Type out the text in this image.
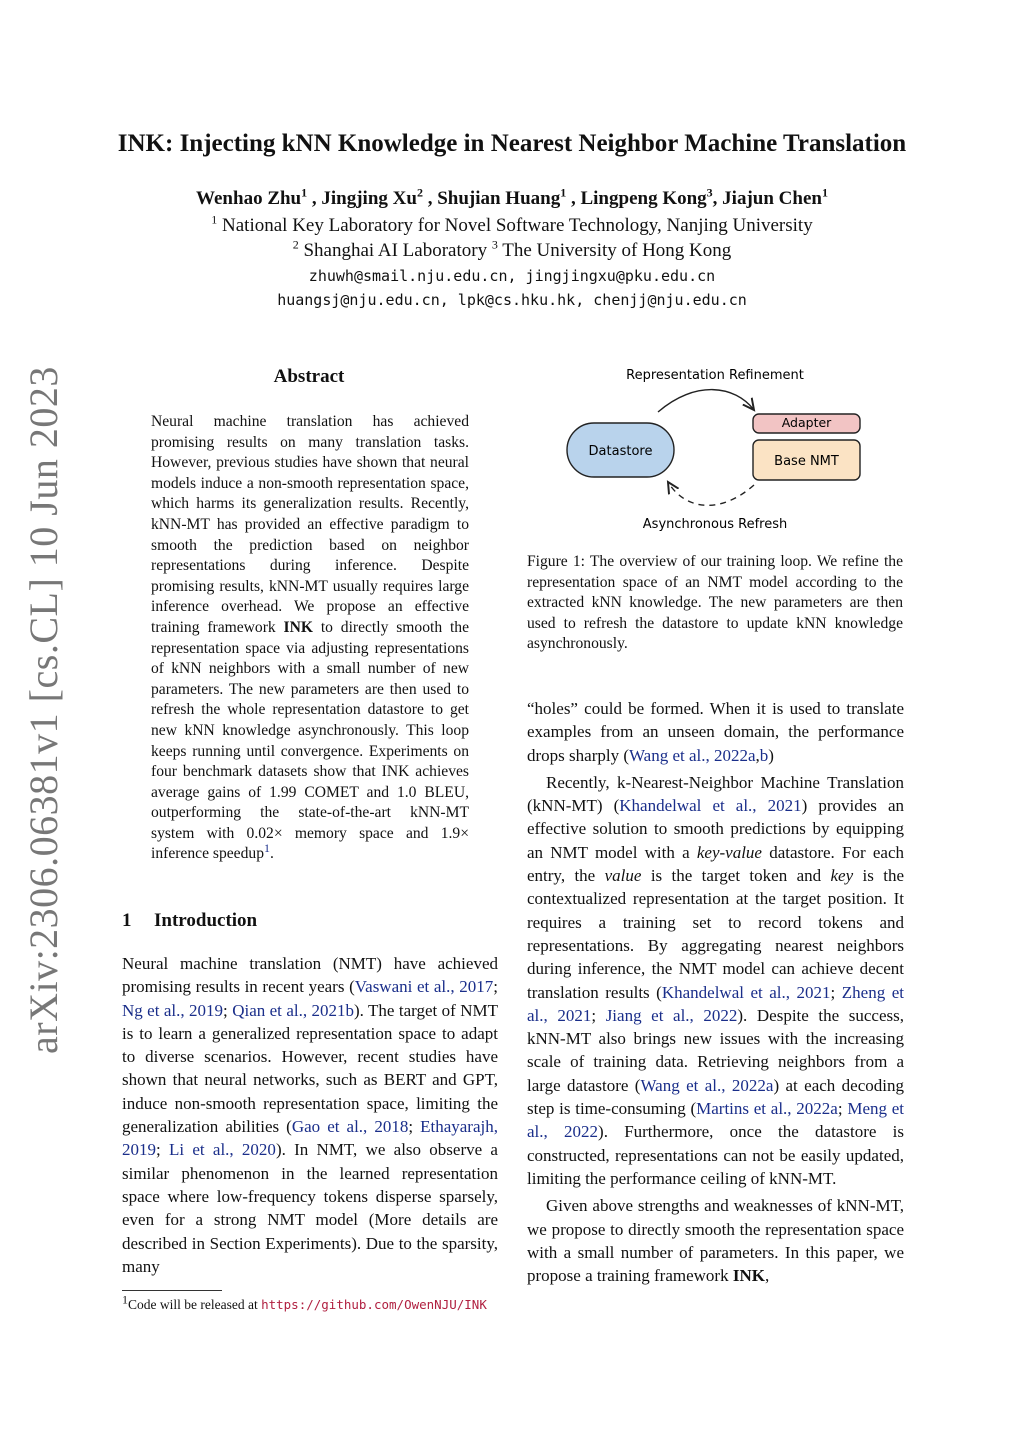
arXiv:2306.06381v1 [cs.CL] 10 Jun 2023
INK: Injecting kNN Knowledge in Nearest Neighbor Machine Translation
Wenhao Zhu$^1$ , Jingjing Xu$^2$ , Shujian Huang$^1$ , Lingpeng Kong$^3$, Jiajun Chen$^1$
$^1$ National Key Laboratory for Novel Software Technology, Nanjing University
$^2$ Shanghai AI Laboratory $^3$ The University of Hong Kong
zhuwh@smail.nju.edu.cn, jingjingxu@pku.edu.cn
huangsj@nju.edu.cn, lpk@cs.hku.hk, chenjj@nju.edu.cn
Abstract
Neural machine translation has achieved promising results on many translation tasks. However, previous studies have shown that neural models induce a non-smooth representation space, which harms its generalization results. Recently, kNN-MT has provided an effective paradigm to smooth the prediction based on neighbor representations during inference. Despite promising results, kNN-MT usually requires large inference overhead. We propose an effective training framework INK to directly smooth the representation space via adjusting representations of kNN neighbors with a small number of new parameters. The new parameters are then used to refresh the whole representation datastore to get new kNN knowledge asynchronously. This loop keeps running until convergence. Experiments on four benchmark datasets show that INK achieves average gains of 1.99 COMET and 1.0 BLEU, outperforming the state-of-the-art kNN-MT system with 0.02× memory space and 1.9× inference speedup$^1$.
Representation Refinement
Datastore
Adapter
Base NMT
Asynchronous Refresh
Figure 1: The overview of our training loop. We refine the representation space of an NMT model according to the extracted kNN knowledge. The new parameters are then used to refresh the datastore to update kNN knowledge asynchronously.
1 Introduction
Neural machine translation (NMT) have achieved promising results in recent years (Vaswani et al., 2017; Ng et al., 2019; Qian et al., 2021b). The target of NMT is to learn a generalized representation space to adapt to diverse scenarios. However, recent studies have shown that neural networks, such as BERT and GPT, induce non-smooth representation space, limiting the generalization abilities (Gao et al., 2018; Ethayarajh, 2019; Li et al., 2020). In NMT, we also observe a similar phenomenon in the learned representation space where low-frequency tokens disperse sparsely, even for a strong NMT model (More details are described in Section Experiments). Due to the sparsity, many
1Code will be released at https://github.com/OwenNJU/INK

“holes” could be formed. When it is used to translate examples from an unseen domain, the performance drops sharply (Wang et al., 2022a,b)

Recently, k-Nearest-Neighbor Machine Translation (kNN-MT) (Khandelwal et al., 2021) provides an effective solution to smooth predictions by equipping an NMT model with a key-value datastore. For each entry, the value is the target token and key is the contextualized representation at the target position. It requires a training set to record tokens and representations. By aggregating nearest neighbors during inference, the NMT model can achieve decent translation results (Khandelwal et al., 2021; Zheng et al., 2021; Jiang et al., 2022). Despite the success, kNN-MT also brings new issues with the increasing scale of training data. Retrieving neighbors from a large datastore (Wang et al., 2022a) at each decoding step is time-consuming (Martins et al., 2022a; Meng et al., 2022). Furthermore, once the datastore is constructed, representations can not be easily updated, limiting the performance ceiling of kNN-MT.

Given above strengths and weaknesses of kNN-MT, we propose to directly smooth the representation space with a small number of parameters. In this paper, we propose a training framework INK,
